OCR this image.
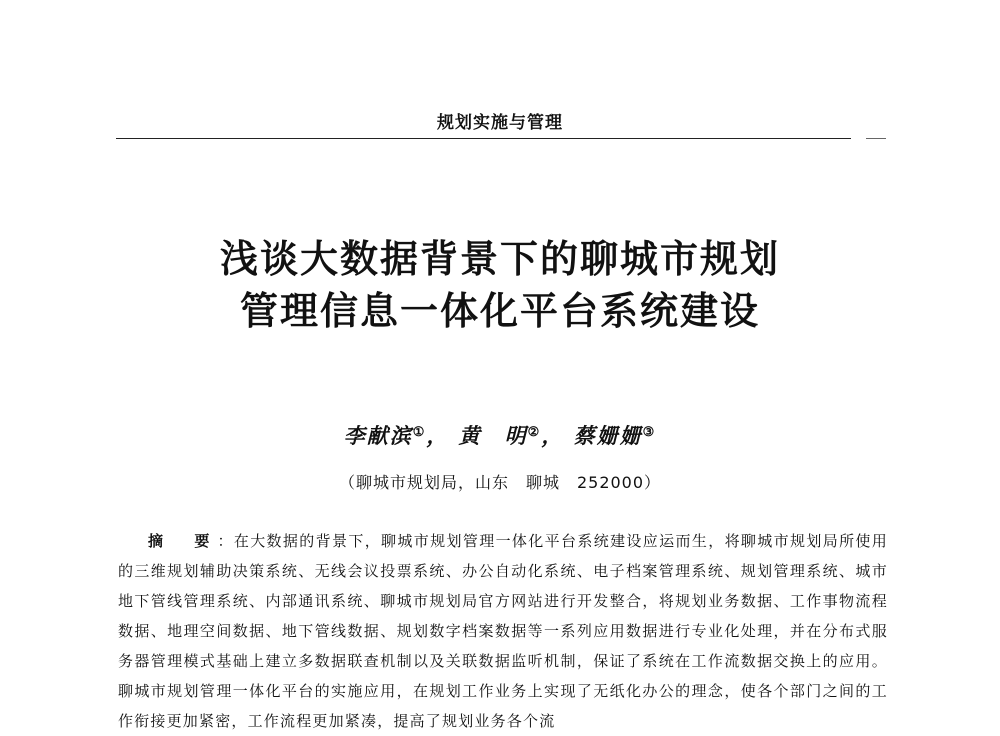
规划实施与管理
浅谈大数据背景下的聊城市规划
管理信息一体化平台系统建设
李献滨①， 黄　明②， 蔡姗姗③
（聊城市规划局，山东　聊城　252000）
摘　要：在大数据的背景下，聊城市规划管理一体化平台系统建设应运而生，将聊城市规划局所使用的三维规划辅助决策系统、无线会议投票系统、办公自动化系统、电子档案管理系统、规划管理系统、城市地下管线管理系统、内部通讯系统、聊城市规划局官方网站进行开发整合，将规划业务数据、工作事物流程数据、地理空间数据、地下管线数据、规划数字档案数据等一系列应用数据进行专业化处理，并在分布式服务器管理模式基础上建立多数据联查机制以及关联数据监听机制，保证了系统在工作流数据交换上的应用。聊城市规划管理一体化平台的实施应用，在规划工作业务上实现了无纸化办公的理念，使各个部门之间的工作衔接更加紧密，工作流程更加紧凑，提高了规划业务各个流
